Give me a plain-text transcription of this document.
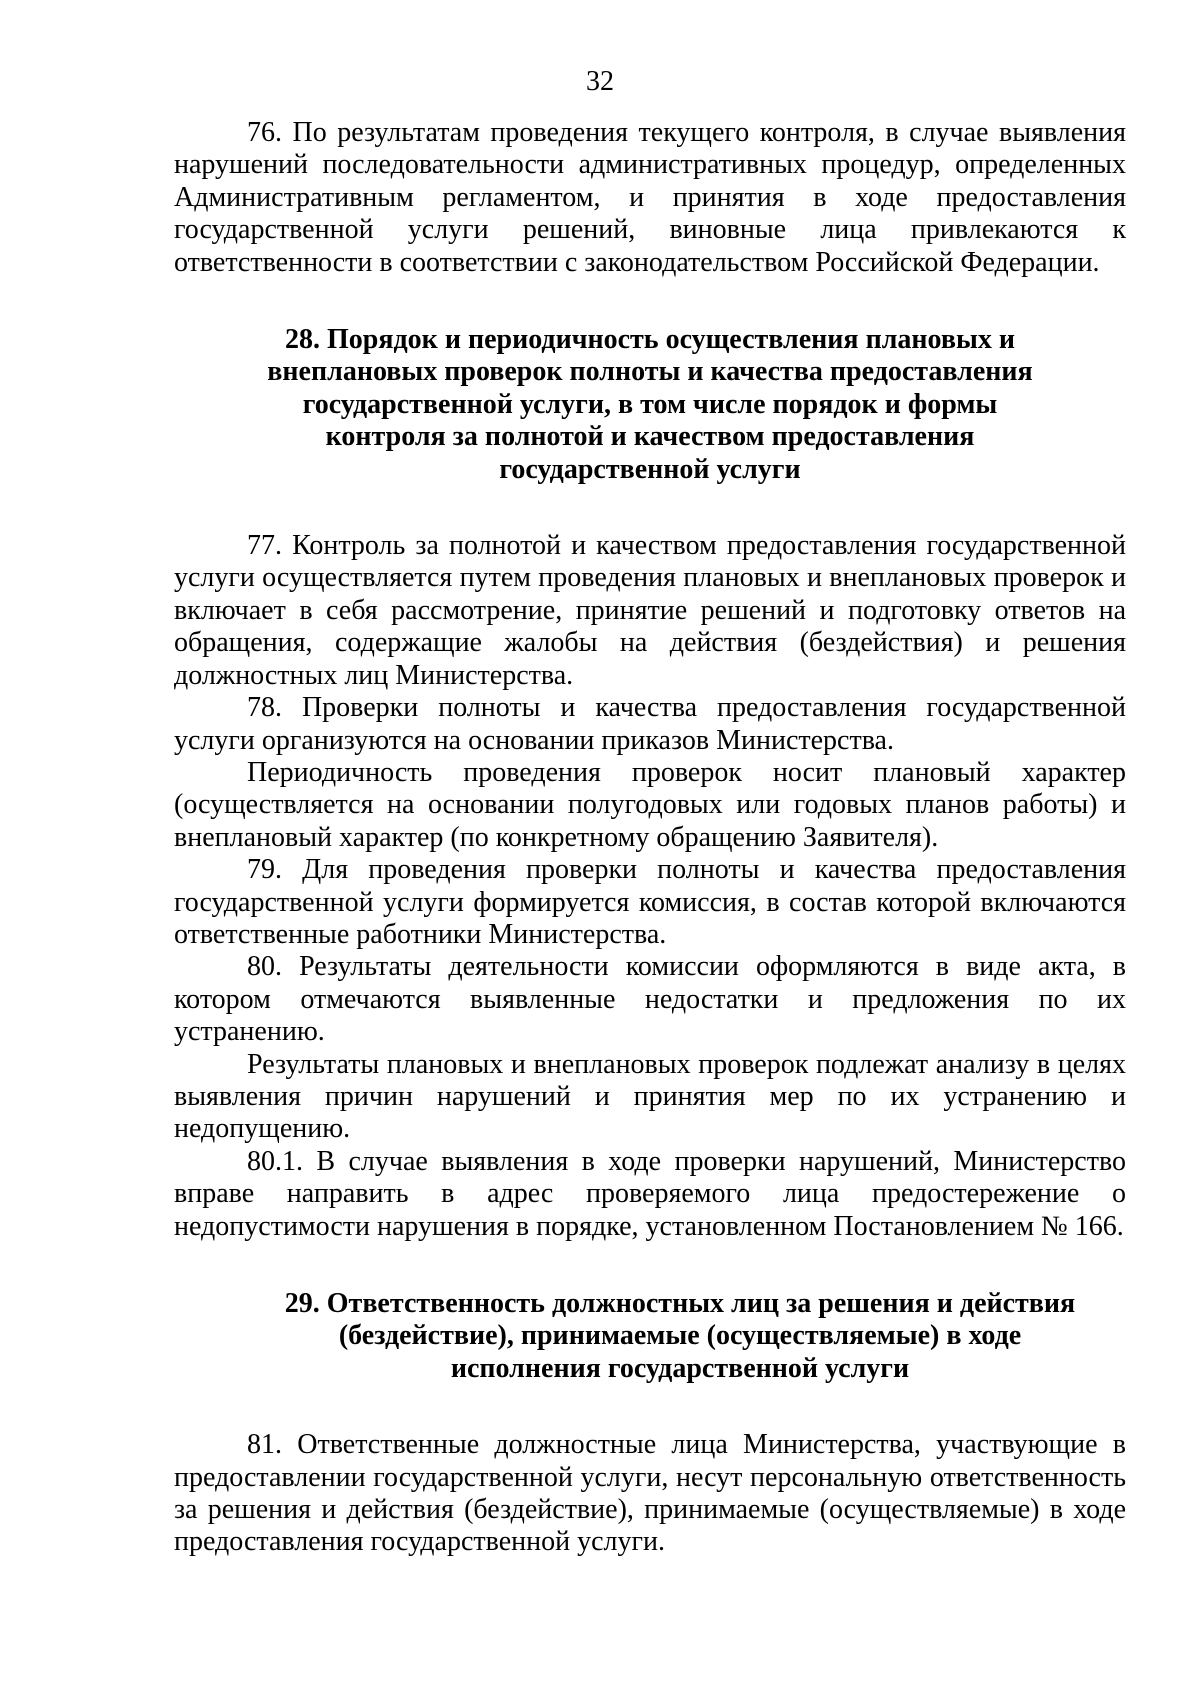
32

76. По результатам проведения текущего контроля, в случае выявления нарушений последовательности административных процедур, определенных Административным регламентом, и принятия в ходе предоставления государственной услуги решений, виновные лица привлекаются к ответственности в соответствии с законодательством Российской Федерации.

28. Порядок и периодичность осуществления плановых и внеплановых проверок полноты и качества предоставления государственной услуги, в том числе порядок и формы контроля за полнотой и качеством предоставления государственной услуги

77. Контроль за полнотой и качеством предоставления государственной услуги осуществляется путем проведения плановых и внеплановых проверок и включает в себя рассмотрение, принятие решений и подготовку ответов на обращения, содержащие жалобы на действия (бездействия) и решения должностных лиц Министерства.

78. Проверки полноты и качества предоставления государственной услуги организуются на основании приказов Министерства.

Периодичность проведения проверок носит плановый характер (осуществляется на основании полугодовых или годовых планов работы) и внеплановый характер (по конкретному обращению Заявителя).

79. Для проведения проверки полноты и качества предоставления государственной услуги формируется комиссия, в состав которой включаются ответственные работники Министерства.

80. Результаты деятельности комиссии оформляются в виде акта, в котором отмечаются выявленные недостатки и предложения по их устранению.

Результаты плановых и внеплановых проверок подлежат анализу в целях выявления причин нарушений и принятия мер по их устранению и недопущению.

80.1. В случае выявления в ходе проверки нарушений, Министерство вправе направить в адрес проверяемого лица предостережение о недопустимости нарушения в порядке, установленном Постановлением № 166.

29. Ответственность должностных лиц за решения и действия (бездействие), принимаемые (осуществляемые) в ходе исполнения государственной услуги

81. Ответственные должностные лица Министерства, участвующие в предоставлении государственной услуги, несут персональную ответственность за решения и действия (бездействие), принимаемые (осуществляемые) в ходе предоставления государственной услуги.
